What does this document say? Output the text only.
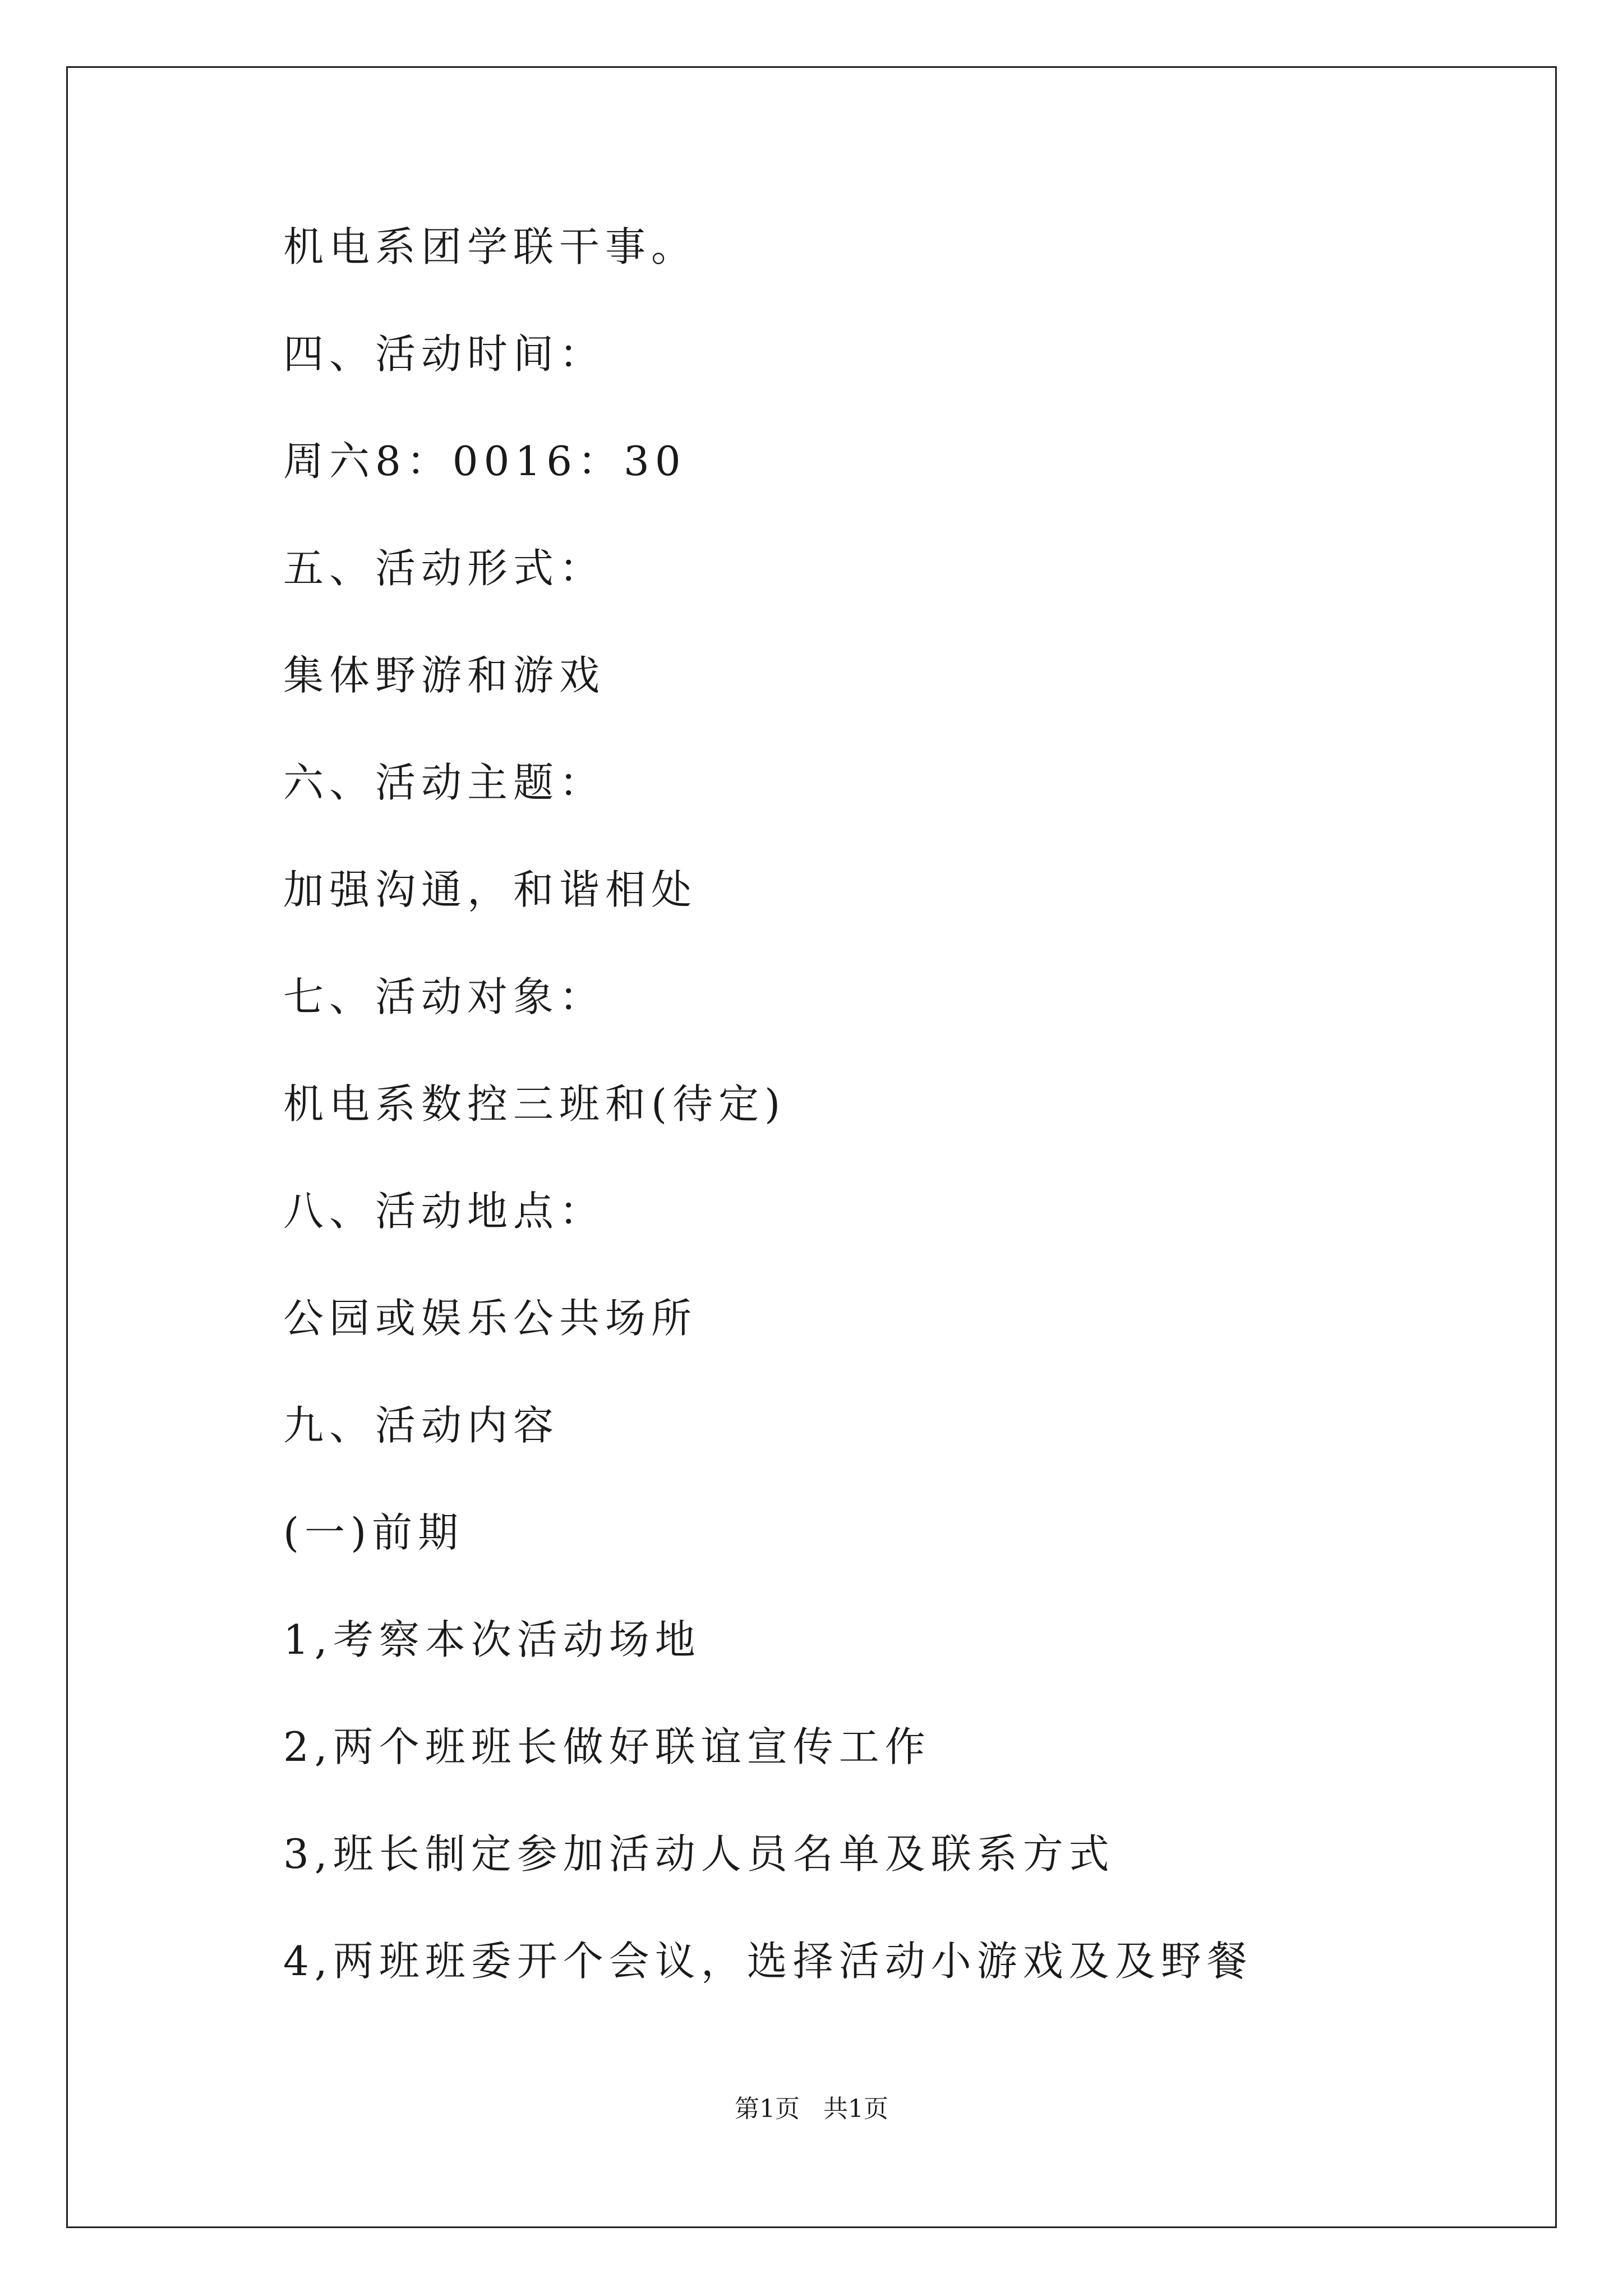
机电系团学联干事。
四、活动时间：
周六8：0016：30
五、活动形式：
集体野游和游戏
六、活动主题：
加强沟通，和谐相处
七、活动对象：
机电系数控三班和(待定)
八、活动地点：
公园或娱乐公共场所
九、活动内容
(一)前期
1,考察本次活动场地
2,两个班班长做好联谊宣传工作
3,班长制定参加活动人员名单及联系方式
4,两班班委开个会议，选择活动小游戏及及野餐
第1页   共1页
